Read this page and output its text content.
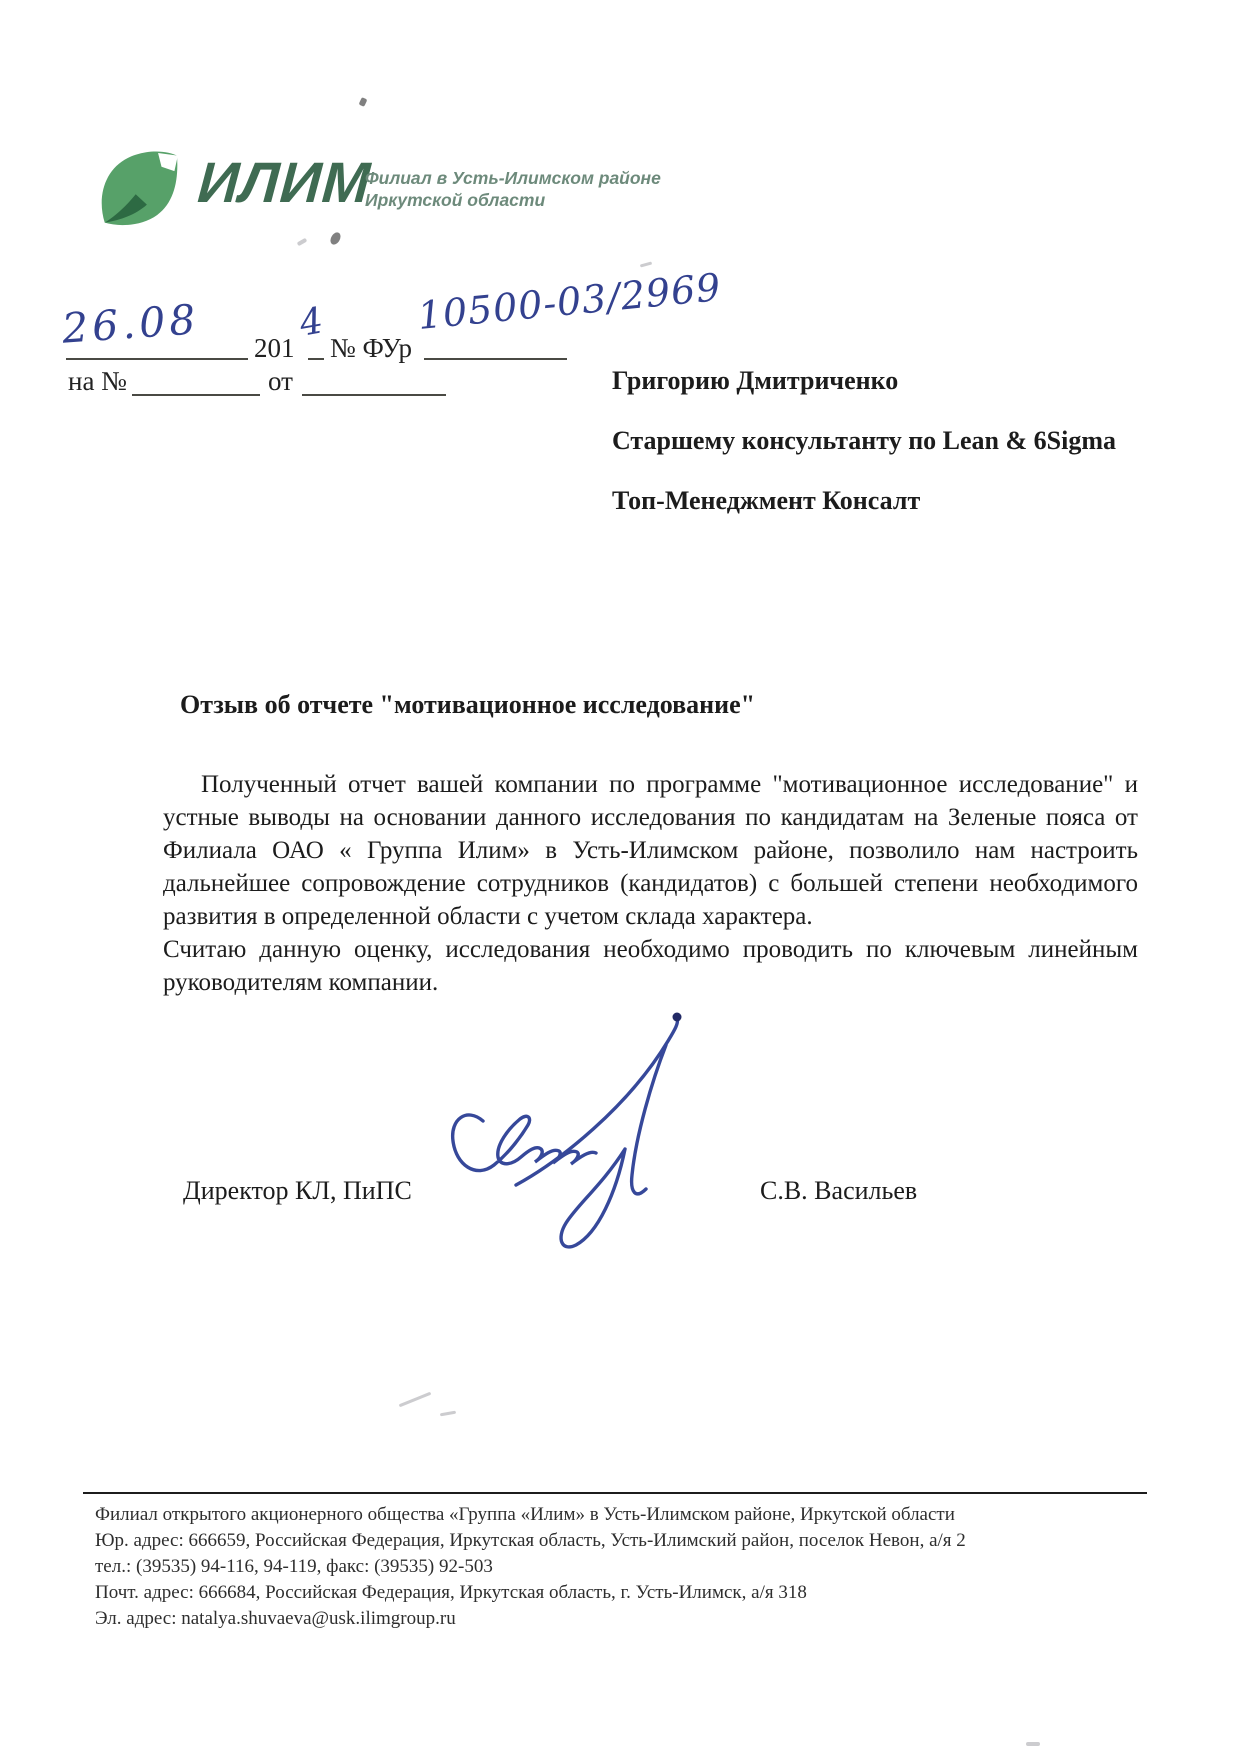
ИЛИМ
Филиал в Усть-Илимском районе
Иркутской области
26.08 201
4
№ ФУр
10500-03/2969
на №	от	Григорию Дмитриченко
Старшему консультанту по Lean & 6Sigma
Топ-Менеджмент Консалт
Отзыв об отчете "мотивационное исследование"

Полученный отчет вашей компании по программе "мотивационное исследование" и устные выводы на основании данного исследования по кандидатам на Зеленые пояса от Филиала ОАО « Группа Илим» в Усть-Илимском районе, позволило нам настроить дальнейшее сопровождение сотрудников (кандидатов) с большей степени необходимого развития в определенной области с учетом склада характера.

Считаю данную оценку, исследования необходимо проводить по ключевым линейным руководителям компании.

Директор КЛ, ПиПС	С.В. Васильев
Филиал открытого акционерного общества «Группа «Илим» в Усть-Илимском районе, Иркутской области
Юр. адрес: 666659, Российская Федерация, Иркутская область, Усть-Илимский район, поселок Невон, а/я 2
тел.: (39535) 94-116, 94-119, факс: (39535) 92-503
Почт. адрес: 666684, Российская Федерация, Иркутская область, г. Усть-Илимск, а/я 318
Эл. адрес: natalya.shuvaeva@usk.ilimgroup.ru
